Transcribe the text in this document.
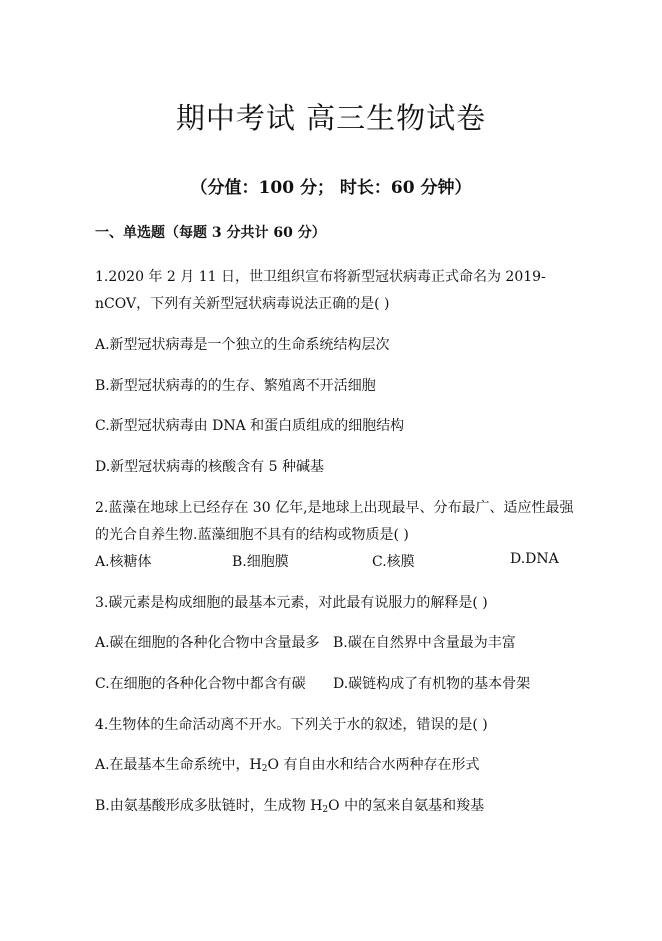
期中考试 高三生物试卷
（分值：100 分； 时长：60 分钟）
一、单选题（每题 3 分共计 60 分）
1.2020 年 2 月 11 日，世卫组织宣布将新型冠状病毒正式命名为 2019-
nCOV，下列有关新型冠状病毒说法正确的是( )
A.新型冠状病毒是一个独立的生命系统结构层次
B.新型冠状病毒的的生存、繁殖离不开活细胞
C.新型冠状病毒由 DNA 和蛋白质组成的细胞结构
D.新型冠状病毒的核酸含有 5 种碱基
2.蓝藻在地球上已经存在 30 亿年,是地球上出现最早、分布最广、适应性最强
的光合自养生物.蓝藻细胞不具有的结构或物质是( )
A.核糖体	B.细胞膜	C.核膜	D.DNA
3.碳元素是构成细胞的最基本元素，对此最有说服力的解释是( )
A.碳在细胞的各种化合物中含量最多 B.碳在自然界中含量最为丰富
C.在细胞的各种化合物中都含有碳 D.碳链构成了有机物的基本骨架
4.生物体的生命活动离不开水。下列关于水的叙述，错误的是( )
A.在最基本生命系统中，$H_2O$ 有自由水和结合水两种存在形式
B.由氨基酸形成多肽链时，生成物 $H_2O$ 中的氢来自氨基和羧基
